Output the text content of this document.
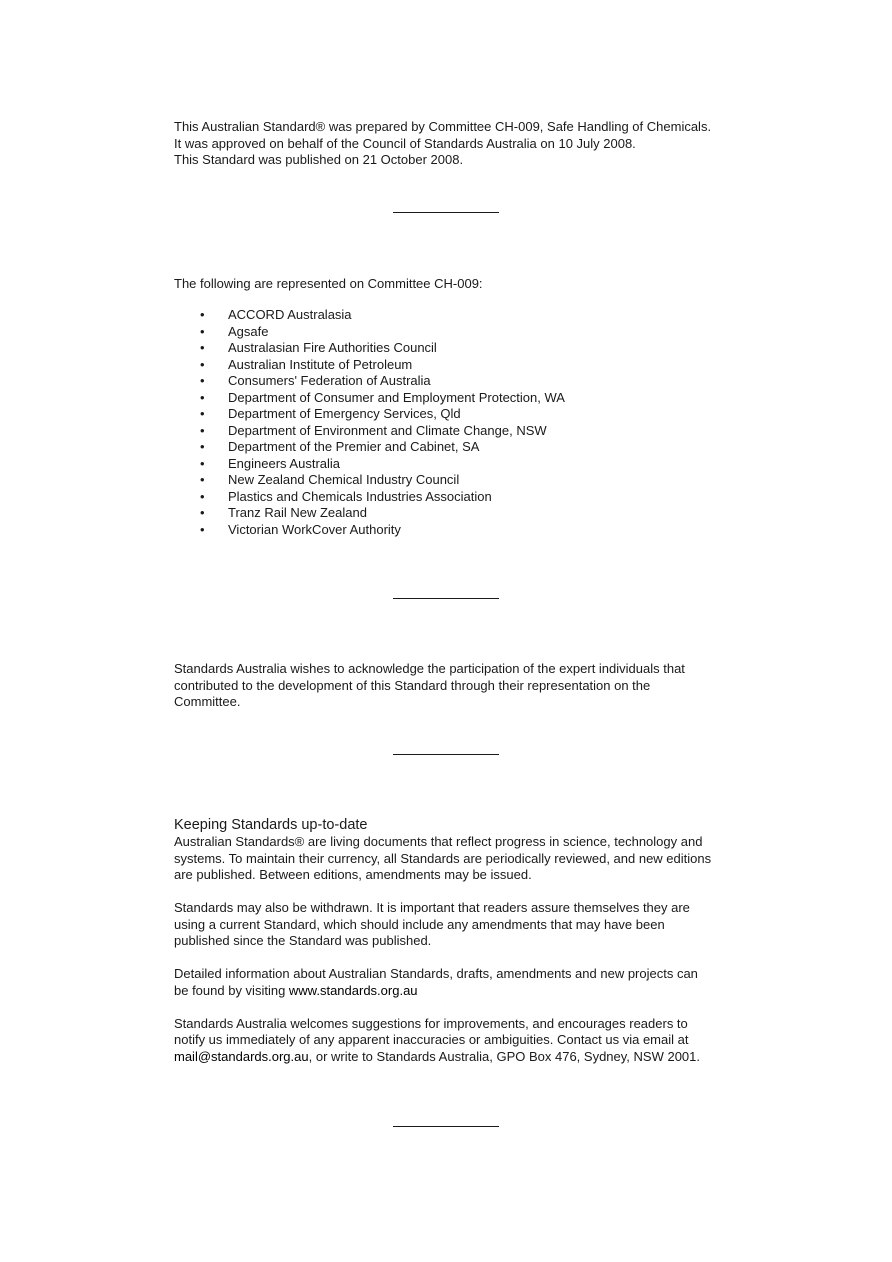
This Australian Standard® was prepared by Committee CH-009, Safe Handling of Chemicals.
It was approved on behalf of the Council of Standards Australia on 10 July 2008.
This Standard was published on 21 October 2008.
The following are represented on Committee CH-009:
• ACCORD Australasia
• Agsafe
• Australasian Fire Authorities Council
• Australian Institute of Petroleum
• Consumers' Federation of Australia
• Department of Consumer and Employment Protection, WA
• Department of Emergency Services, Qld
• Department of Environment and Climate Change, NSW
• Department of the Premier and Cabinet, SA
• Engineers Australia
• New Zealand Chemical Industry Council
• Plastics and Chemicals Industries Association
• Tranz Rail New Zealand
• Victorian WorkCover Authority
Standards Australia wishes to acknowledge the participation of the expert individuals that
contributed to the development of this Standard through their representation on the
Committee.
Keeping Standards up-to-date
Australian Standards® are living documents that reflect progress in science, technology and
systems. To maintain their currency, all Standards are periodically reviewed, and new editions
are published. Between editions, amendments may be issued.
Standards may also be withdrawn. It is important that readers assure themselves they are
using a current Standard, which should include any amendments that may have been
published since the Standard was published.
Detailed information about Australian Standards, drafts, amendments and new projects can
be found by visiting www.standards.org.au
Standards Australia welcomes suggestions for improvements, and encourages readers to
notify us immediately of any apparent inaccuracies or ambiguities. Contact us via email at
mail@standards.org.au, or write to Standards Australia, GPO Box 476, Sydney, NSW 2001.
